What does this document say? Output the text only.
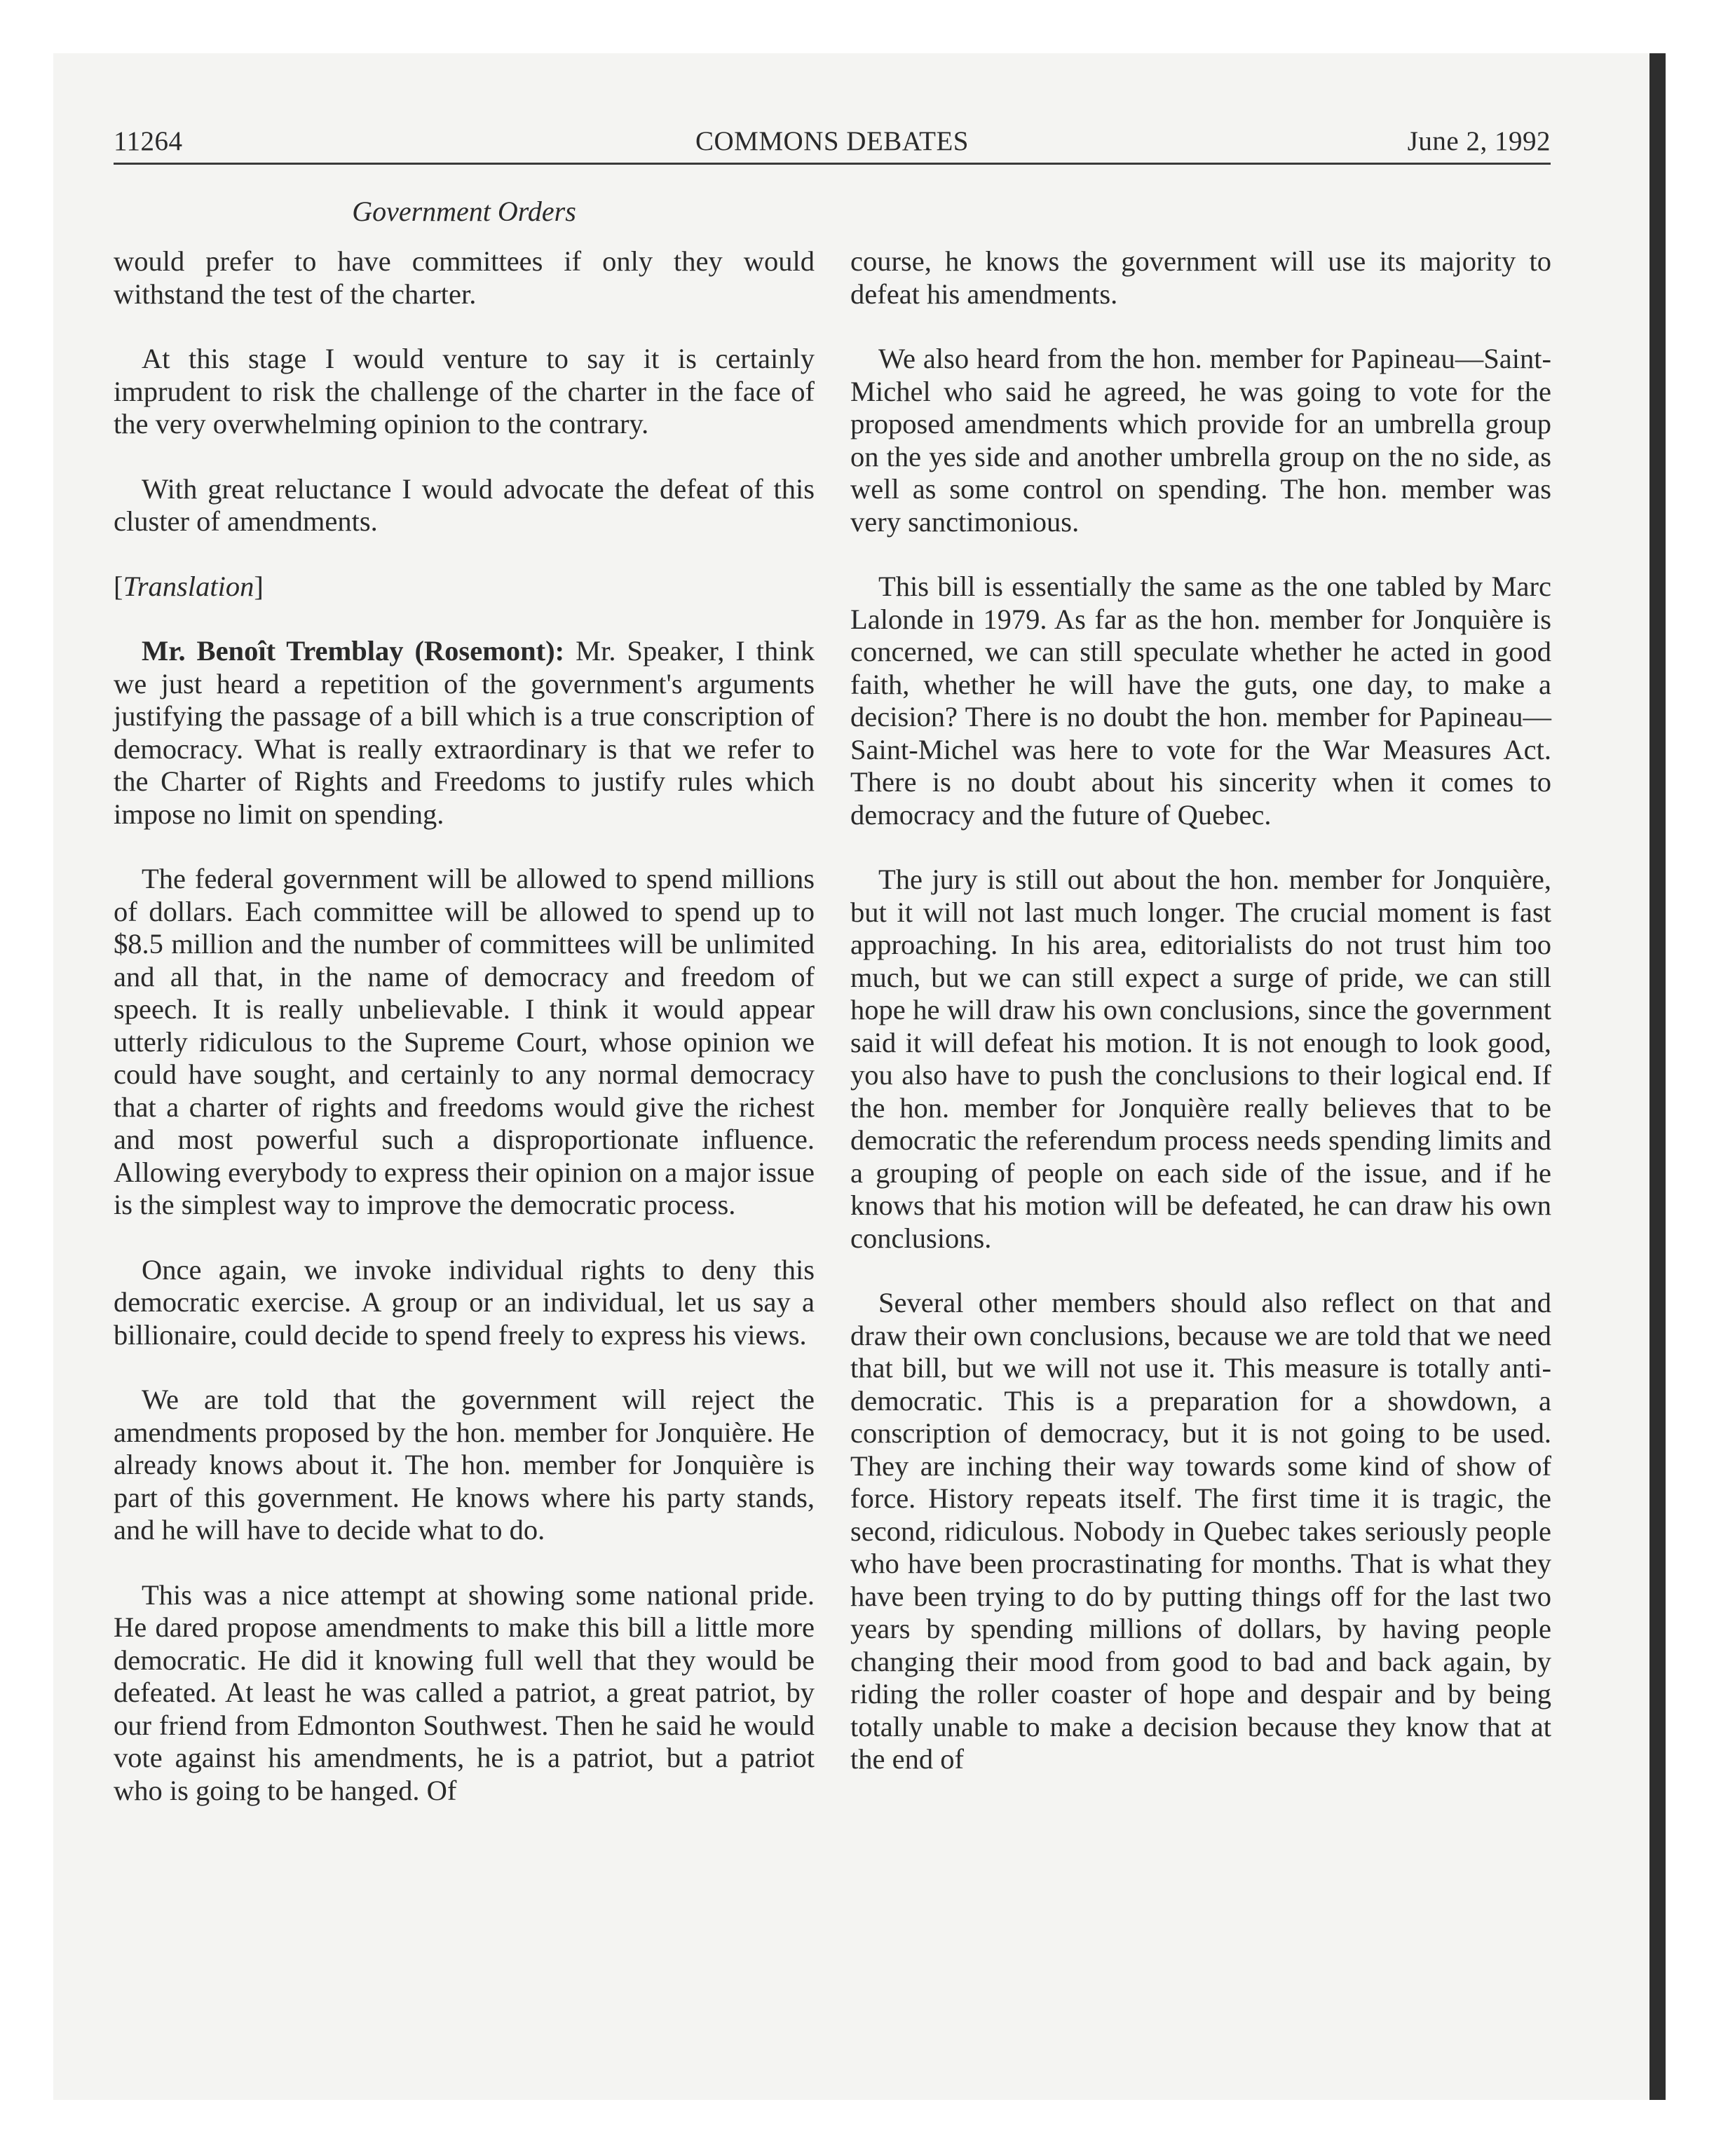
11264	COMMONS DEBATES	June 2, 1992
Government Orders

would prefer to have committees if only they would withstand the test of the charter.

At this stage I would venture to say it is certainly imprudent to risk the challenge of the charter in the face of the very overwhelming opinion to the contrary.

With great reluctance I would advocate the defeat of this cluster of amendments.

[Translation]

Mr. Benoît Tremblay (Rosemont): Mr. Speaker, I think we just heard a repetition of the government's arguments justifying the passage of a bill which is a true conscription of democracy. What is really extraordinary is that we refer to the Charter of Rights and Freedoms to justify rules which impose no limit on spending.

The federal government will be allowed to spend millions of dollars. Each committee will be allowed to spend up to $8.5 million and the number of committees will be unlimited and all that, in the name of democracy and freedom of speech. It is really unbelievable. I think it would appear utterly ridiculous to the Supreme Court, whose opinion we could have sought, and certainly to any normal democracy that a charter of rights and freedoms would give the richest and most powerful such a disproportionate influence. Allowing everybody to express their opinion on a major issue is the simplest way to improve the democratic process.

Once again, we invoke individual rights to deny this democratic exercise. A group or an individual, let us say a billionaire, could decide to spend freely to express his views.

We are told that the government will reject the amendments proposed by the hon. member for Jonquière. He already knows about it. The hon. member for Jonquière is part of this government. He knows where his party stands, and he will have to decide what to do.

This was a nice attempt at showing some national pride. He dared propose amendments to make this bill a little more democratic. He did it knowing full well that they would be defeated. At least he was called a patriot, a great patriot, by our friend from Edmonton Southwest. Then he said he would vote against his amendments, he is a patriot, but a patriot who is going to be hanged. Of

course, he knows the government will use its majority to defeat his amendments.

We also heard from the hon. member for Papineau—Saint-Michel who said he agreed, he was going to vote for the proposed amendments which provide for an umbrella group on the yes side and another umbrella group on the no side, as well as some control on spending. The hon. member was very sanctimonious.

This bill is essentially the same as the one tabled by Marc Lalonde in 1979. As far as the hon. member for Jonquière is concerned, we can still speculate whether he acted in good faith, whether he will have the guts, one day, to make a decision? There is no doubt the hon. member for Papineau—Saint-Michel was here to vote for the War Measures Act. There is no doubt about his sincerity when it comes to democracy and the future of Quebec.

The jury is still out about the hon. member for Jonquière, but it will not last much longer. The crucial moment is fast approaching. In his area, editorialists do not trust him too much, but we can still expect a surge of pride, we can still hope he will draw his own conclusions, since the government said it will defeat his motion. It is not enough to look good, you also have to push the conclusions to their logical end. If the hon. member for Jonquière really believes that to be democratic the referendum process needs spending limits and a grouping of people on each side of the issue, and if he knows that his motion will be defeated, he can draw his own conclusions.

Several other members should also reflect on that and draw their own conclusions, because we are told that we need that bill, but we will not use it. This measure is totally anti-democratic. This is a preparation for a showdown, a conscription of democracy, but it is not going to be used. They are inching their way towards some kind of show of force. History repeats itself. The first time it is tragic, the second, ridiculous. Nobody in Quebec takes seriously people who have been procrastinating for months. That is what they have been trying to do by putting things off for the last two years by spending millions of dollars, by having people changing their mood from good to bad and back again, by riding the roller coaster of hope and despair and by being totally unable to make a decision because they know that at the end of
